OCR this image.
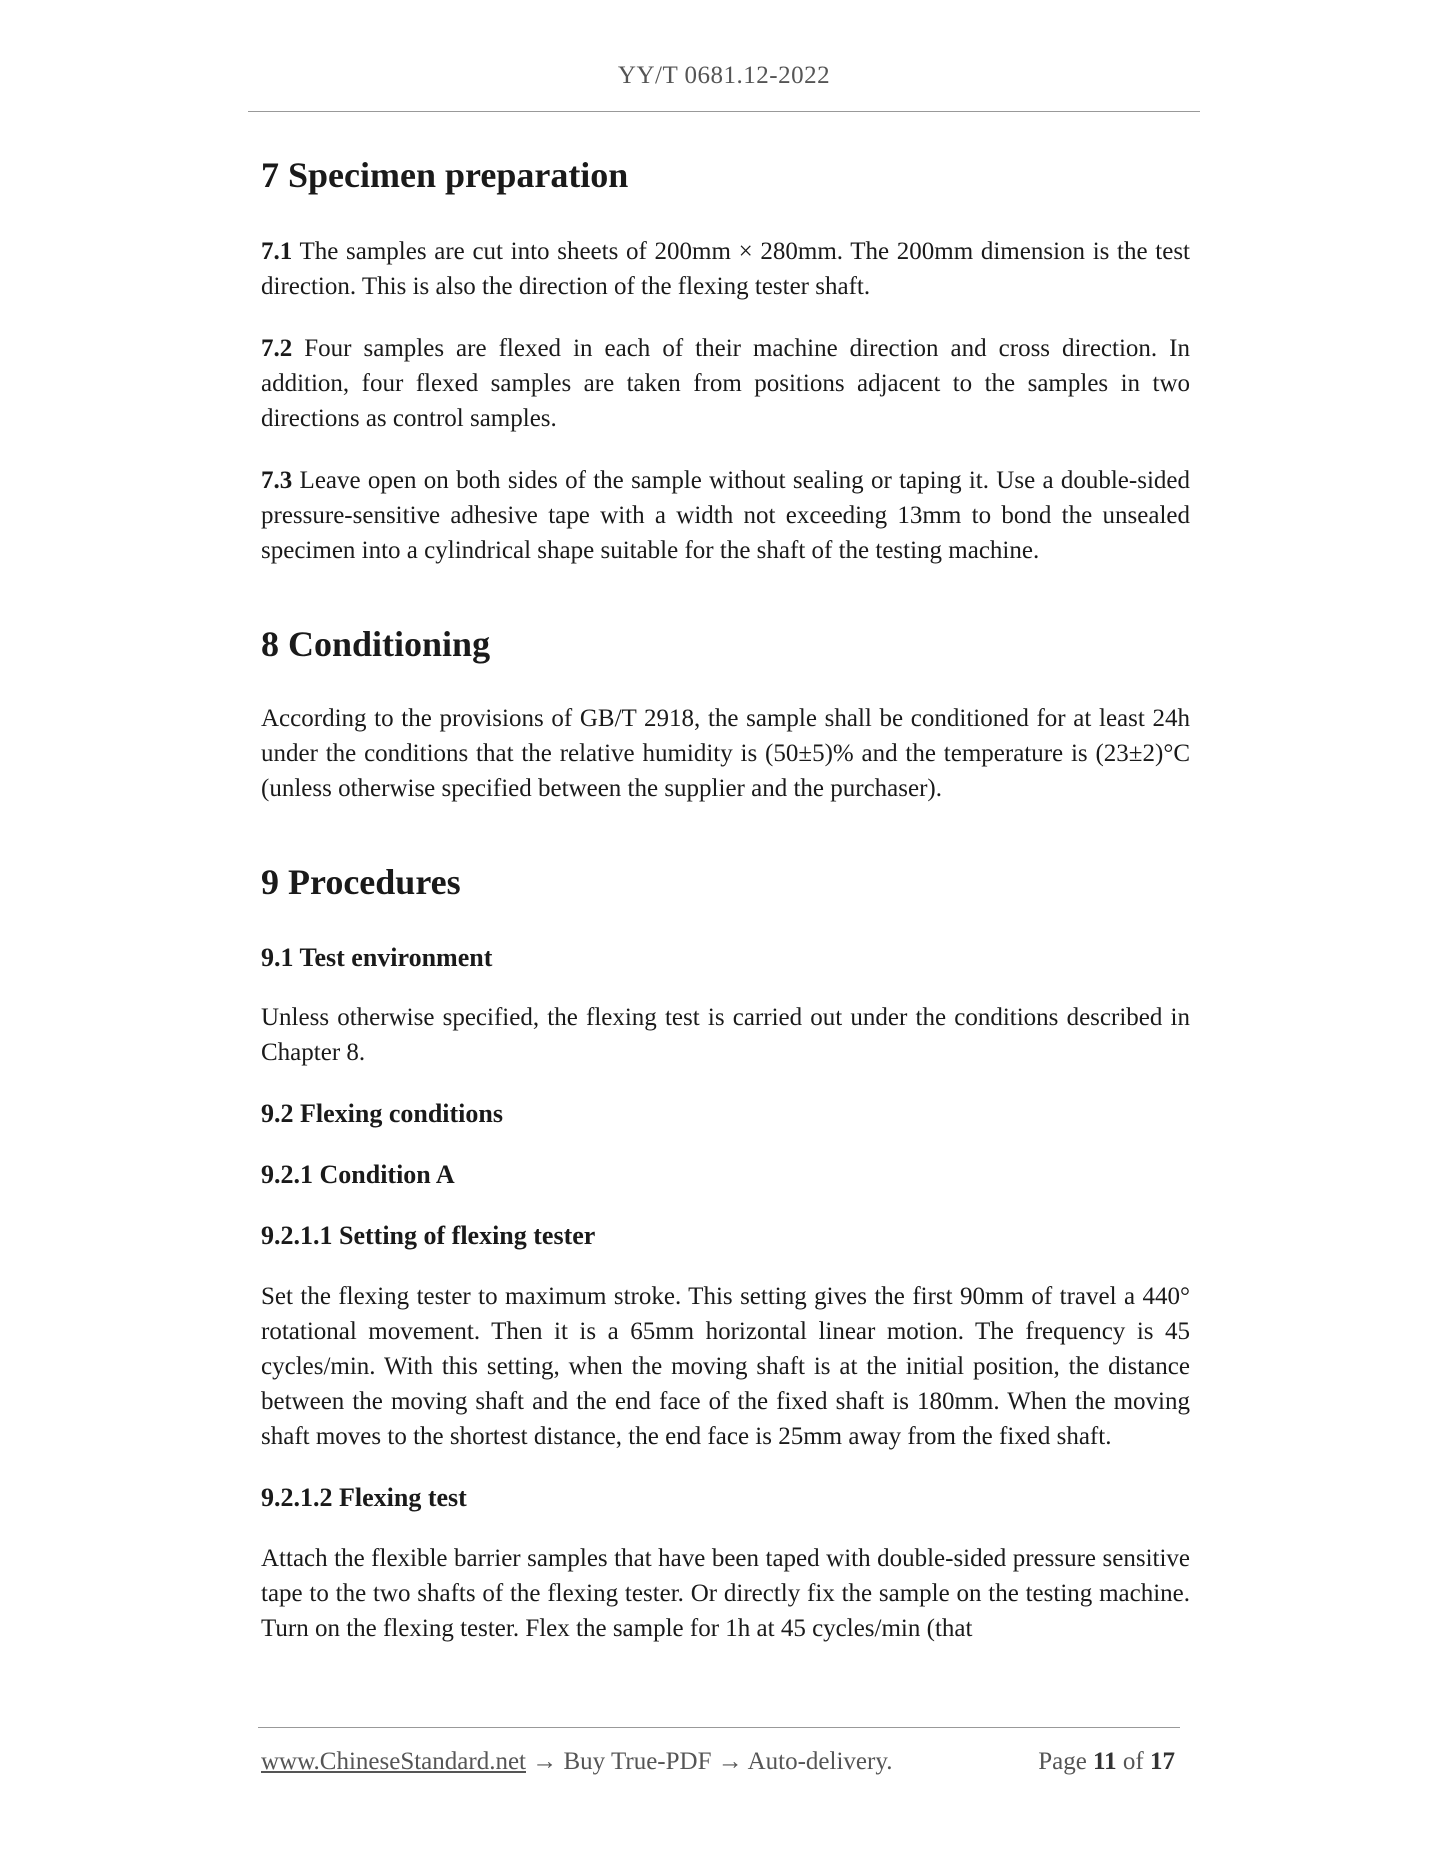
YY/T 0681.12-2022
7 Specimen preparation

7.1 The samples are cut into sheets of 200mm × 280mm. The 200mm dimension is the test direction. This is also the direction of the flexing tester shaft.

7.2 Four samples are flexed in each of their machine direction and cross direction. In addition, four flexed samples are taken from positions adjacent to the samples in two directions as control samples.

7.3 Leave open on both sides of the sample without sealing or taping it. Use a double-sided pressure-sensitive adhesive tape with a width not exceeding 13mm to bond the unsealed specimen into a cylindrical shape suitable for the shaft of the testing machine.

8 Conditioning

According to the provisions of GB/T 2918, the sample shall be conditioned for at least 24h under the conditions that the relative humidity is (50±5)% and the temperature is (23±2)°C (unless otherwise specified between the supplier and the purchaser).

9 Procedures
9.1 Test environment

Unless otherwise specified, the flexing test is carried out under the conditions described in Chapter 8.

9.2 Flexing conditions
9.2.1 Condition A
9.2.1.1 Setting of flexing tester

Set the flexing tester to maximum stroke. This setting gives the first 90mm of travel a 440° rotational movement. Then it is a 65mm horizontal linear motion. The frequency is 45 cycles/min. With this setting, when the moving shaft is at the initial position, the distance between the moving shaft and the end face of the fixed shaft is 180mm. When the moving shaft moves to the shortest distance, the end face is 25mm away from the fixed shaft.

9.2.1.2 Flexing test

Attach the flexible barrier samples that have been taped with double-sided pressure sensitive tape to the two shafts of the flexing tester. Or directly fix the sample on the testing machine. Turn on the flexing tester. Flex the sample for 1h at 45 cycles/min (that

www.ChineseStandard.net → Buy True-PDF → Auto-delivery.	Page 11 of 17
